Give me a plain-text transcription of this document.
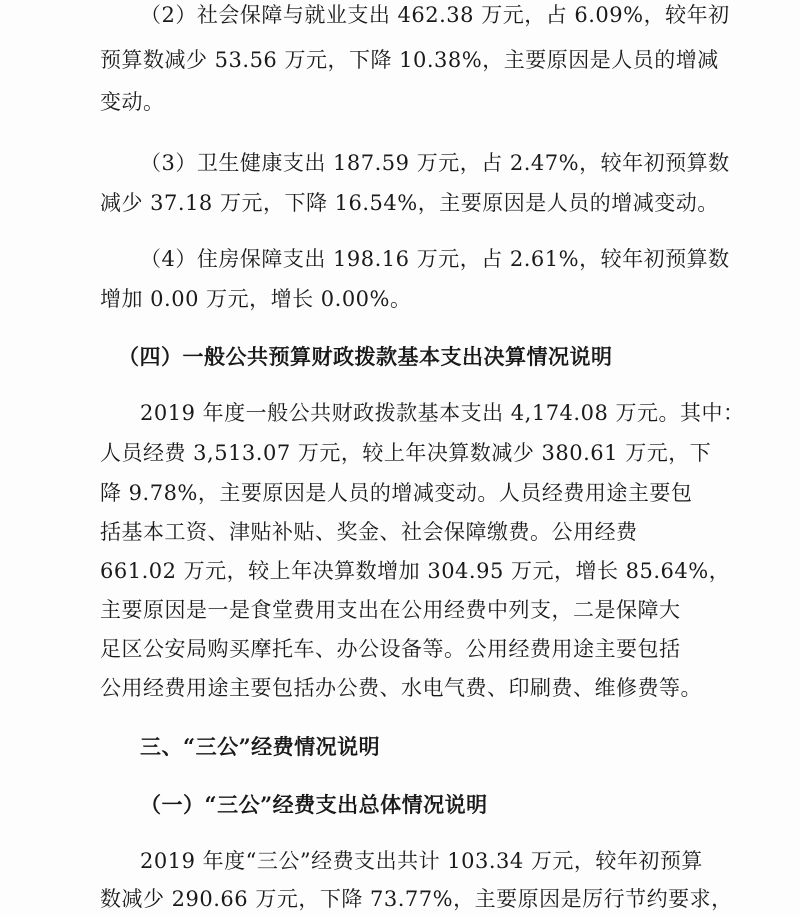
（2）社会保障与就业支出 462.38 万元，占 6.09%，较年初
预算数减少 53.56 万元，下降 10.38%，主要原因是人员的增减
变动。
（3）卫生健康支出 187.59 万元，占 2.47%，较年初预算数
减少 37.18 万元，下降 16.54%，主要原因是人员的增减变动。
（4）住房保障支出 198.16 万元，占 2.61%，较年初预算数
增加 0.00 万元，增长 0.00%。
（四）一般公共预算财政拨款基本支出决算情况说明
2019 年度一般公共财政拨款基本支出 4,174.08 万元。其中：
人员经费 3,513.07 万元，较上年决算数减少 380.61 万元，下
降 9.78%，主要原因是人员的增减变动。人员经费用途主要包
括基本工资、津贴补贴、奖金、社会保障缴费。公用经费
661.02 万元，较上年决算数增加 304.95 万元，增长 85.64%，
主要原因是一是食堂费用支出在公用经费中列支，二是保障大
足区公安局购买摩托车、办公设备等。公用经费用途主要包括
公用经费用途主要包括办公费、水电气费、印刷费、维修费等。
三、“三公”经费情况说明
（一）“三公”经费支出总体情况说明
2019 年度“三公”经费支出共计 103.34 万元，较年初预算
数减少 290.66 万元，下降 73.77%，主要原因是厉行节约要求，
